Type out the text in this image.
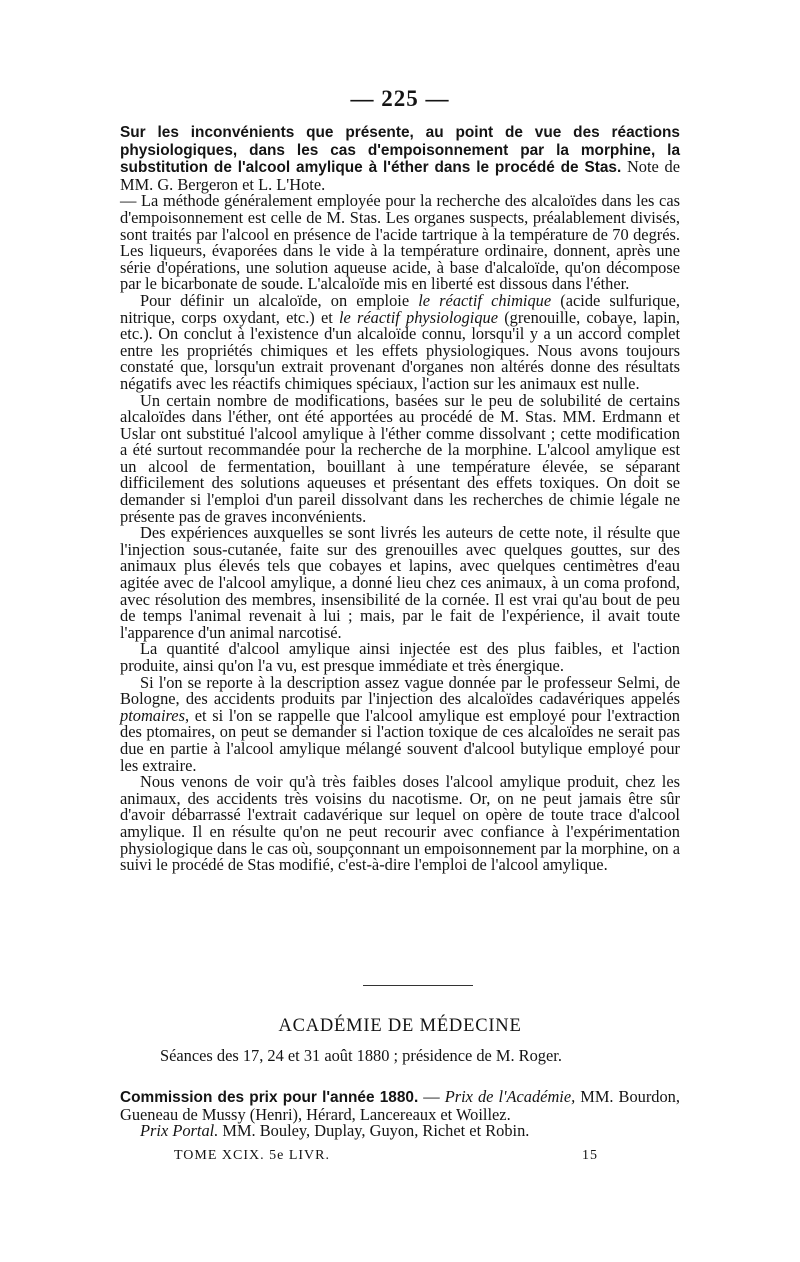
— 225 —

Sur les inconvénients que présente, au point de vue des réactions physiologiques, dans les cas d'empoisonnement par la morphine, la substitution de l'alcool amylique à l'éther dans le procédé de Stas. Note de MM. G. Bergeron et L. L'Hote.

— La méthode généralement employée pour la recherche des alcaloïdes dans les cas d'empoisonnement est celle de M. Stas. Les organes suspects, préalablement divisés, sont traités par l'alcool en présence de l'acide tartrique à la température de 70 degrés. Les liqueurs, évaporées dans le vide à la température ordinaire, donnent, après une série d'opérations, une solution aqueuse acide, à base d'alcaloïde, qu'on décompose par le bicarbonate de soude. L'alcaloïde mis en liberté est dissous dans l'éther.

Pour définir un alcaloïde, on emploie le réactif chimique (acide sulfurique, nitrique, corps oxydant, etc.) et le réactif physiologique (grenouille, cobaye, lapin, etc.). On conclut à l'existence d'un alcaloïde connu, lorsqu'il y a un accord complet entre les propriétés chimiques et les effets physiologiques. Nous avons toujours constaté que, lorsqu'un extrait provenant d'organes non altérés donne des résultats négatifs avec les réactifs chimiques spéciaux, l'action sur les animaux est nulle.

Un certain nombre de modifications, basées sur le peu de solubilité de certains alcaloïdes dans l'éther, ont été apportées au procédé de M. Stas. MM. Erdmann et Uslar ont substitué l'alcool amylique à l'éther comme dissolvant ; cette modification a été surtout recommandée pour la recherche de la morphine. L'alcool amylique est un alcool de fermentation, bouillant à une température élevée, se séparant difficilement des solutions aqueuses et présentant des effets toxiques. On doit se demander si l'emploi d'un pareil dissolvant dans les recherches de chimie légale ne présente pas de graves inconvénients.

Des expériences auxquelles se sont livrés les auteurs de cette note, il résulte que l'injection sous-cutanée, faite sur des grenouilles avec quelques gouttes, sur des animaux plus élevés tels que cobayes et lapins, avec quelques centimètres d'eau agitée avec de l'alcool amylique, a donné lieu chez ces animaux, à un coma profond, avec résolution des membres, insensibilité de la cornée. Il est vrai qu'au bout de peu de temps l'animal revenait à lui ; mais, par le fait de l'expérience, il avait toute l'apparence d'un animal narcotisé.

La quantité d'alcool amylique ainsi injectée est des plus faibles, et l'action produite, ainsi qu'on l'a vu, est presque immédiate et très énergique.

Si l'on se reporte à la description assez vague donnée par le professeur Selmi, de Bologne, des accidents produits par l'injection des alcaloïdes cadavériques appelés ptomaires, et si l'on se rappelle que l'alcool amylique est employé pour l'extraction des ptomaires, on peut se demander si l'action toxique de ces alcaloïdes ne serait pas due en partie à l'alcool amylique mélangé souvent d'alcool butylique employé pour les extraire.

Nous venons de voir qu'à très faibles doses l'alcool amylique produit, chez les animaux, des accidents très voisins du nacotisme. Or, on ne peut jamais être sûr d'avoir débarrassé l'extrait cadavérique sur lequel on opère de toute trace d'alcool amylique. Il en résulte qu'on ne peut recourir avec confiance à l'expérimentation physiologique dans le cas où, soupçonnant un empoisonnement par la morphine, on a suivi le procédé de Stas modifié, c'est-à-dire l'emploi de l'alcool amylique.

ACADÉMIE DE MÉDECINE
Séances des 17, 24 et 31 août 1880 ; présidence de M. Roger.

Commission des prix pour l'année 1880. — Prix de l'Académie, MM. Bourdon, Gueneau de Mussy (Henri), Hérard, Lancereaux et Woillez.

Prix Portal. MM. Bouley, Duplay, Guyon, Richet et Robin.

TOME XCIX. 5e LIVR.	15
